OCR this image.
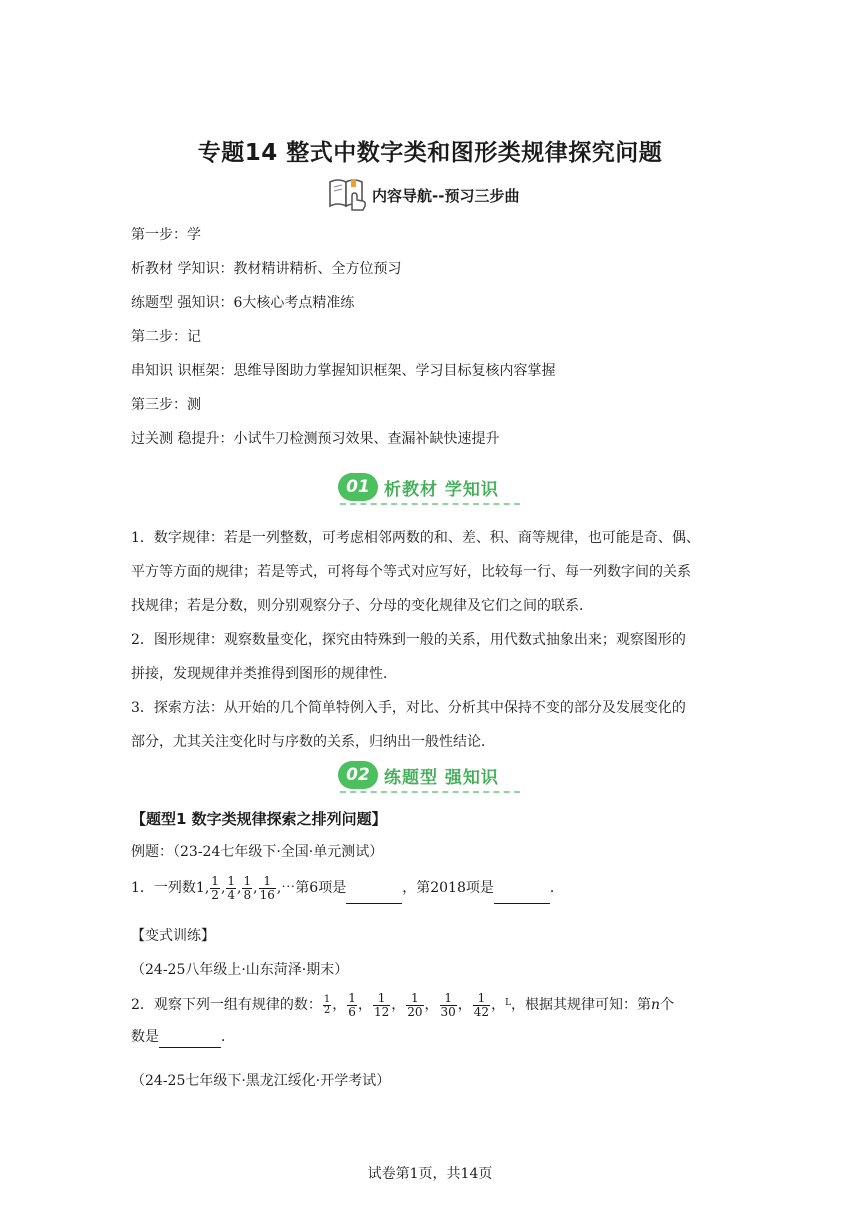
专题14 整式中数字类和图形类规律探究问题
内容导航--预习三步曲
第一步：学
析教材 学知识：教材精讲精析、全方位预习
练题型 强知识：6大核心考点精准练
第二步：记
串知识 识框架：思维导图助力掌握知识框架、学习目标复核内容掌握
第三步：测
过关测 稳提升：小试牛刀检测预习效果、查漏补缺快速提升
01 析教材 学知识
1．数字规律：若是一列整数，可考虑相邻两数的和、差、积、商等规律，也可能是奇、偶、
平方等方面的规律；若是等式，可将每个等式对应写好，比较每一行、每一列数字间的关系
找规律；若是分数，则分别观察分子、分母的变化规律及它们之间的联系．
2．图形规律：观察数量变化，探究由特殊到一般的关系，用代数式抽象出来；观察图形的
拼接，发现规律并类推得到图形的规律性．
3．探索方法：从开始的几个简单特例入手，对比、分析其中保持不变的部分及发展变化的
部分，尤其关注变化时与序数的关系，归纳出一般性结论．
02 练题型 强知识
【题型1 数字类规律探索之排列问题】
例题：（23-24七年级下·全国·单元测试）
1．一列数1, $\frac{1}{2}$ , $\frac{1}{4}$ , $\frac{1}{8}$ , $\frac{1}{16}$ ,⋯第6项是	，第2018项是	．
【变式训练】
（24-25八年级上·山东菏泽·期末）
2．观察下列一组有规律的数： $\frac{1}{2}$ ， $\frac{1}{6}$ ， $\frac{1}{12}$ ， $\frac{1}{20}$ ， $\frac{1}{30}$ ， $\frac{1}{42}$ ，$^L$，根据其规律可知：第n个
数是	．
（24-25七年级下·黑龙江绥化·开学考试）
试卷第1页，共14页
